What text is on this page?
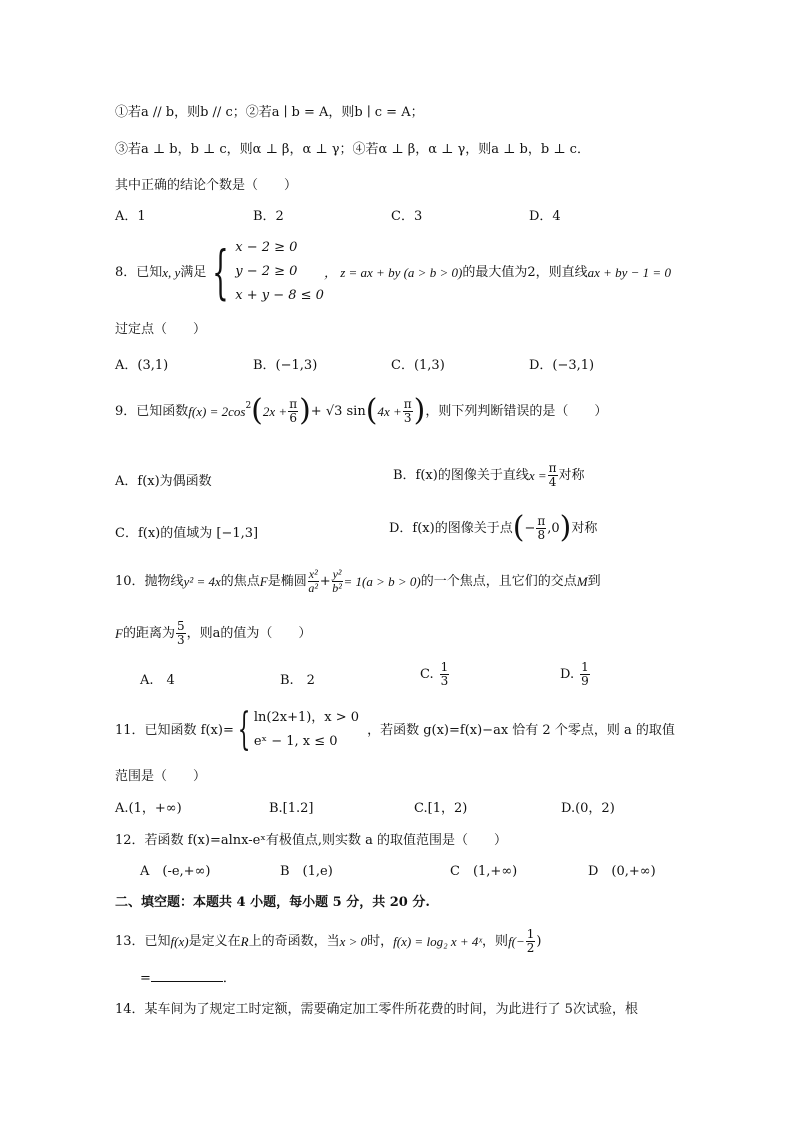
①若a // b，则b // c；②若a ∣ b = A，则b ∣ c = A；
③若a ⊥ b，b ⊥ c，则α ⊥ β，α ⊥ γ；④若α ⊥ β，α ⊥ γ，则a ⊥ b，b ⊥ c．
其中正确的结论个数是（　　）
A．1	B．2	C．3	D．4
8．已知 x, y 满足 { x − 2 ≥ 0
y − 2 ≥ 0
x + y − 8 ≤ 0
， z = ax + by (a > b > 0) 的最大值为2，则直线 ax + by − 1 = 0
过定点（　　）
A．(3,1)	B．(−1,3)	C．(1,3)	D．(−3,1)
9．已知函数 $f(x) = 2\cos^2$ ( $2x + \frac{\pi}{6}$ ) + √3 sin ( $4x + \frac{\pi}{3}$ ) ，则下列判断错误的是（　　）
A．f(x)为偶函数	B．f(x)的图像关于直线 $x = \frac{\pi}{4}$ 对称
C．f(x)的值域为 [−1,3]	D．f(x)的图像关于点 ( − $\frac{\pi}{8} ,0$ ) 对称
10．抛物线 y² = 4x 的焦点 F 是椭圆 $\frac{\text{x²}}{\text{a²}} + \frac{\text{y²}}{\text{b²}} = 1(a > b > 0)$ 的一个焦点，且它们的交点 M 到
F 的距离为 $\frac{5}{3}$ ，则a的值为（　　）
A.　4	B.　2	C. $\frac{1}{3}$	D. $\frac{1}{9}$
11．已知函数 f(x)= { ln(2x+1)，x > 0
eˣ − 1, x ≤ 0
，若函数 g(x)=f(x)−ax 恰有 2 个零点，则 a 的取值
范围是（　　）
A.(1，+∞)	B.[1.2]	C.[1，2)	D.(0，2)
12．若函数 f(x)=alnx-eˣ有极值点,则实数 a 的取值范围是（　　）
A　(-e,+∞)	B　(1,e)	C　(1,+∞)	D　(0,+∞)
二、填空题：本题共 4 小题，每小题 5 分，共 20 分.
13．已知 f(x) 是定义在 R 上的奇函数，当 x > 0 时， f(x) = log₂ x + 4ˣ ，则 $f(- \frac{1}{2}$ )
=	．
14．某车间为了规定工时定额，需要确定加工零件所花费的时间，为此进行了 5次试验，根
